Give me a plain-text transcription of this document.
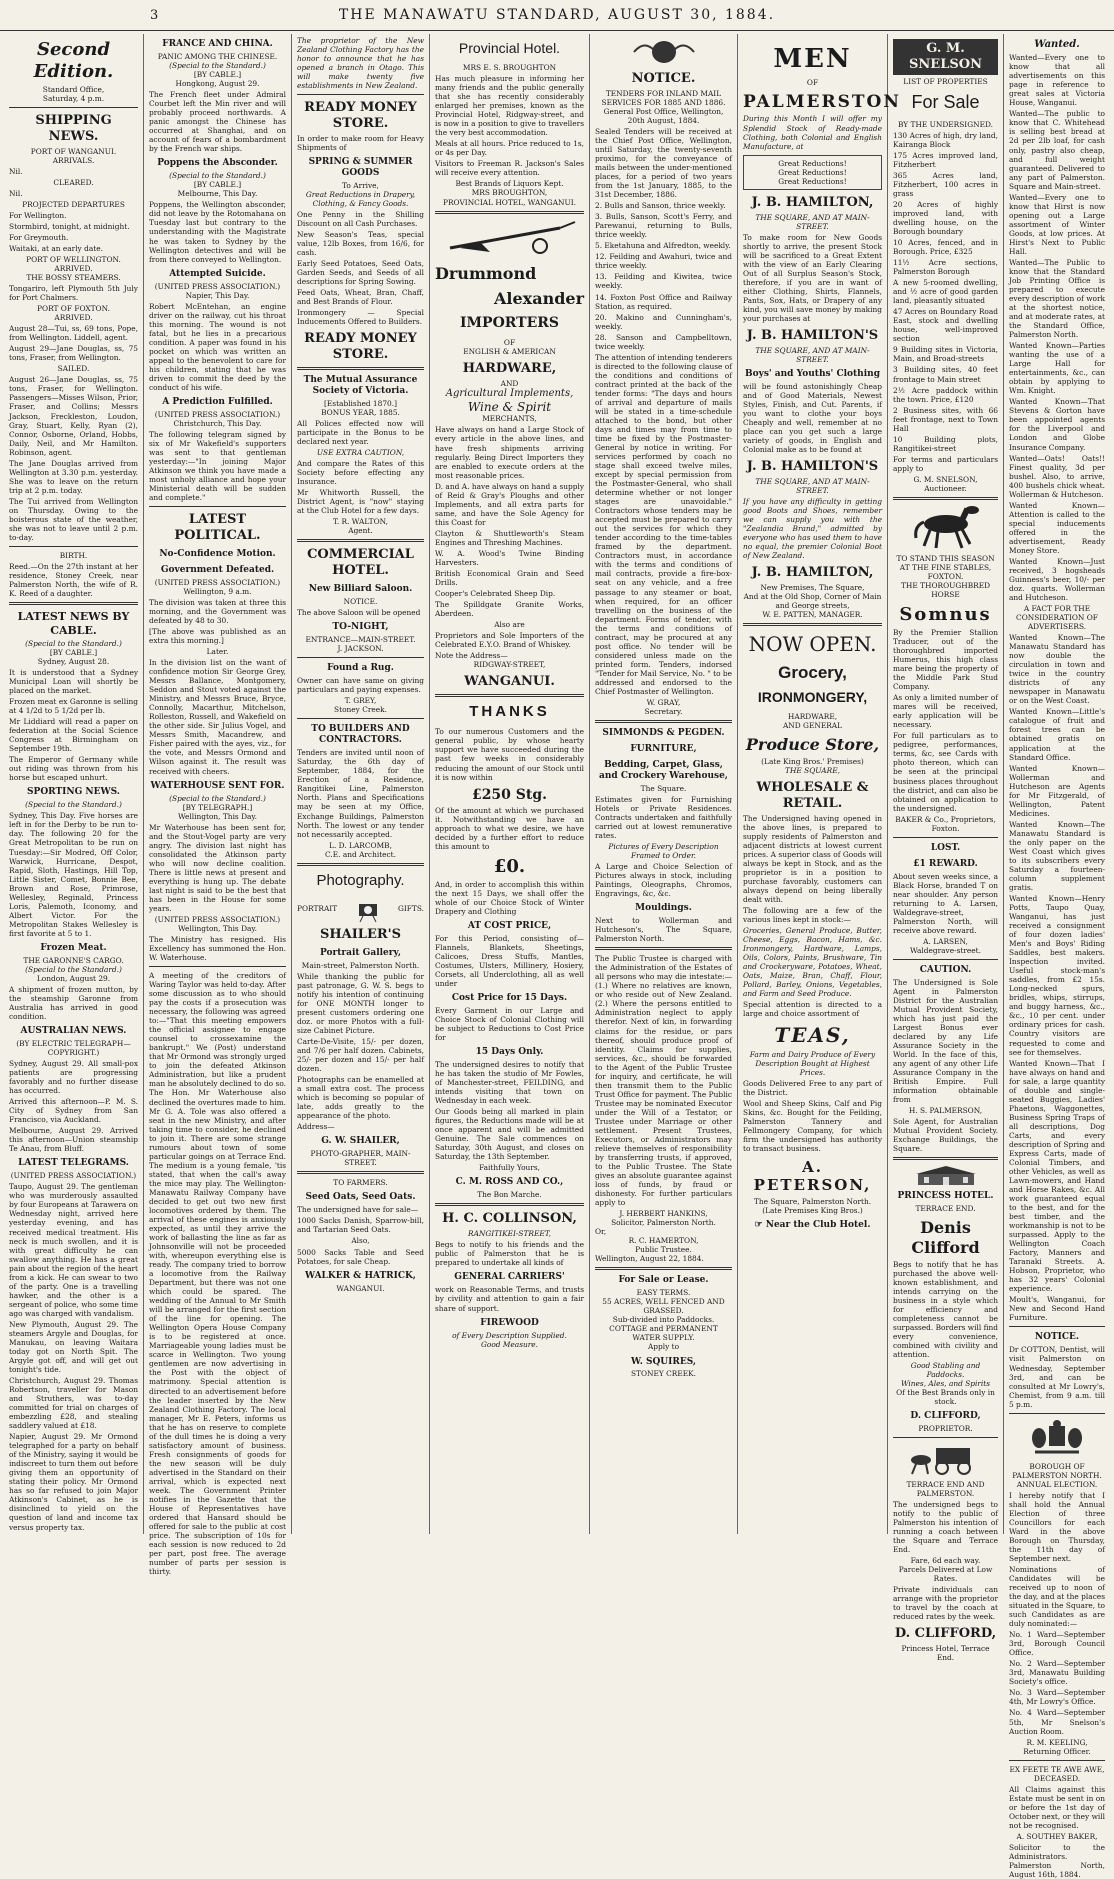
3	THE MANAWATU STANDARD, AUGUST 30, 1884.
Second Edition.
Standard Office,
Saturday, 4 p.m.
SHIPPING NEWS.
PORT OF WANGANUI.
ARRIVALS.

Nil.

CLEARED.

Nil.

PROJECTED DEPARTURES

For Wellington.

Stormbird, tonight, at midnight.

For Greymouth.

Waitaki, at an early date.

PORT OF WELLINGTON.
ARRIVED.
THE BOSSY STEAMERS.

Tongariro, left Plymouth 5th July for Port Chalmers.

PORT OF FOXTON.
ARRIVED.

August 28—Tui, ss, 69 tons, Pope, from Wellington. Liddell, agent.

August 29—Jane Douglas, ss, 75 tons, Fraser, from Wellington.

SAILED.

August 26—Jane Douglas, ss, 75 tons, Fraser, for Wellington. Passengers—Misses Wilson, Prior, Fraser, and Collins; Messrs Jackson, Freckleston, Loudon, Gray, Stuart, Kelly, Ryan (2), Connor, Osborne, Orland, Hobbs, Daily, Neil, and Mr Hamilton. Robinson, agent.

The Jane Douglas arrived from Wellington at 3.30 p.m. yesterday. She was to leave on the return trip at 2 p.m. today.

The Tui arrived from Wellington on Thursday. Owing to the boisterous state of the weather, she was not to leave until 2 p.m. to-day.

BIRTH.

Reed.—On the 27th instant at her residence, Stoney Creek, near Palmerston North, the wife of R. K. Reed of a daughter.

LATEST NEWS BY CABLE.
(Special to the Standard.)
[BY CABLE.]
Sydney, August 28.

It is understood that a Sydney Municipal Loan will shortly be placed on the market.

Frozen meat ex Garonne is selling at 4 1/2d to 5 1/2d per lb.

Mr Liddiard will read a paper on federation at the Social Science Congress at Birmingham on September 19th.

The Emperor of Germany while out riding was thrown from his horse but escaped unhurt.

SPORTING NEWS.
(Special to the Standard.)

Sydney, This Day. Five horses are left in for the Derby to be run to-day. The following 20 for the Great Metropolitan to be run on Tuesday:—Sir Modred, Off Color, Warwick, Hurricane, Despot, Rapid, Sloth, Hastings, Hill Top, Little Sister, Comet, Bonnie Bee, Brown and Rose, Primrose, Wellesley, Reginald, Princess Loris, Palemoth, Iconomy, and Albert Victor. For the Metropolitan Stakes Wellesley is first favorite at 5 to 1.

Frozen Meat.
THE GARONNE'S CARGO.
(Special to the Standard.)
London, August 29.

A shipment of frozen mutton, by the steamship Garonne from Australia has arrived in good condition.

AUSTRALIAN NEWS.
(BY ELECTRIC TELEGRAPH—COPYRIGHT.)

Sydney, August 29. All small-pox patients are progressing favorably and no further disease has occurred.

Arrived this afternoon—P. M. S. City of Sydney from San Francisco, via Auckland.

Melbourne, August 29. Arrived this afternoon—Union steamship Te Anau, from Bluff.

LATEST TELEGRAMS.
(UNITED PRESS ASSOCIATION.)

Taupo, August 29. The gentleman who was murderously assaulted by four Europeans at Tarawera on Wednesday night, arrived here yesterday evening, and has received medical treatment. His neck is much swollen, and it is with great difficulty he can swallow anything. He has a great pain about the region of the heart from a kick. He can swear to two of the party. One is a travelling hawker, and the other is a sergeant of police, who some time ago was charged with vandalism.

New Plymouth, August 29. The steamers Argyle and Douglas, for Manukau, on leaving Waitara today got on North Spit. The Argyle got off, and will get out tonight's tide.

Christchurch, August 29. Thomas Robertson, traveller for Mason and Struthers, was to-day committed for trial on charges of embezzling £28, and stealing saddlery valued at £18.

Napier, August 29. Mr Ormond telegraphed for a party on behalf of the Ministry, saying it would be indiscreet to turn them out before giving them an opportunity of stating their policy. Mr Ormond has so far refused to join Major Atkinson's Cabinet, as he is disinclined to yield on the question of land and income tax versus property tax.

FRANCE AND CHINA.
PANIC AMONG THE CHINESE.
(Special to the Standard.)
[BY CABLE.]
Hongkong, August 29.

The French fleet under Admiral Courbet left the Min river and will probably proceed northwards. A panic amongst the Chinese has occurred at Shanghai, and on account of fears of a bombardment by the French war ships.

Poppens the Absconder.
(Special to the Standard.)
[BY CABLE.]
Melbourne, This Day.

Poppens, the Wellington absconder, did not leave by the Rotomahana on Tuesday last but contrary to the understanding with the Magistrate he was taken to Sydney by the Wellington detectives and will be from there conveyed to Wellington.

Attempted Suicide.
(UNITED PRESS ASSOCIATION.)
Napier, This Day.

Robert McEntehan, an engine driver on the railway, cut his throat this morning. The wound is not fatal, but he lies in a precarious condition. A paper was found in his pocket on which was written an appeal to the benevolent to care for his children, stating that he was driven to commit the deed by the conduct of his wife.

A Prediction Fulfilled.
(UNITED PRESS ASSOCIATION.)
Christchurch, This Day.

The following telegram signed by six of Mr Wakefield's supporters was sent to that gentleman yesterday:—"In joining Major Atkinson we think you have made a most unholy alliance and hope your Ministerial death will be sudden and complete."

LATEST POLITICAL.
No-Confidence Motion.
Government Defeated.
(UNITED PRESS ASSOCIATION.)
Wellington, 9 a.m.

The division was taken at three this morning, and the Government was defeated by 48 to 30.

[The above was published as an extra this morning.]

Later.

In the division list on the want of confidence motion Sir George Grey, Messrs Ballance, Montgomery, Seddon and Stout voted against the Ministry, and Messrs Bruce, Bryce, Connolly, Macarthur, Mitchelson, Rolleston, Russell, and Wakefield on the other side. Sir Julius Vogel, and Messrs Smith, Macandrew, and Fisher paired with the ayes, viz., for the vote, and Messrs Ormond and Wilson against it. The result was received with cheers.

WATERHOUSE SENT FOR.
(Special to the Standard.)
[BY TELEGRAPH.]
Wellington, This Day.

Mr Waterhouse has been sent for, and the Stout-Vogel party are very angry. The division last night has consolidated the Atkinson party who will now decline coalition. There is little news at present and everything is hung up. The debate last night is said to be the best that has been in the House for some years.

(UNITED PRESS ASSOCIATION.)
Wellington, This Day.

The Ministry has resigned. His Excellency has summoned the Hon. W. Waterhouse.

A meeting of the creditors of Waring Taylor was held to-day. After some discussion as to who should pay the costs if a prosecution was necessary, the following was agreed to:—"That this meeting empowers the official assignee to engage counsel to crossexamine the bankrupt." We (Post) understand that Mr Ormond was strongly urged to join the defeated Atkinson Administration, but like a prudent man he absolutely declined to do so. The Hon. Mr Waterhouse also declined the overtures made to him. Mr G. A. Tole was also offered a seat in the new Ministry, and after taking time to consider, he declined to join it. There are some strange rumours about town of some particular goings on at Terrace End. The medium is a young female, 'tis stated, that when the call's away the mice may play. The Wellington-Manawatu Railway Company have decided to get out two new first locomotives ordered by them. The arrival of these engines is anxiously expected, as until they arrive the work of ballasting the line as far as Johnsonville will not be proceeded with, whereupon everything else is ready. The company tried to borrow a locomotive from the Railway Department, but there was not one which could be spared. The wedding of the Annual to Mr Smith will be arranged for the first section of the line for opening. The Wellington Opera House Company is to be registered at once. Marriageable young ladies must be scarce in Wellington. Two young gentlemen are now advertising in the Post with the object of matrimony. Special attention is directed to an advertisement before the leader inserted by the New Zealand Clothing Factory. The local manager, Mr E. Peters, informs us that he has on reserve to complete of the dull times he is doing a very satisfactory amount of business. Fresh consignments of goods for the new season will be duly advertised in the Standard on their arrival, which is expected next week. The Government Printer notifies in the Gazette that the House of Representatives have ordered that Hansard should be offered for sale to the public at cost price. The subscription of 10s for each session is now reduced to 2d per part, post free. The average number of parts per session is thirty.

The proprietor of the New Zealand Clothing Factory has the honor to announce that he has opened a branch in Otago. This will make twenty five establishments in New Zealand.

READY MONEY STORE.

In order to make room for Heavy Shipments of

SPRING & SUMMER GOODS
To Arrive,
Great Reductions in Drapery, Clothing, & Fancy Goods.

One Penny in the Shilling Discount on all Cash Purchases.

New Season's Teas, special value, 12lb Boxes, from 16/6, for cash.

Early Seed Potatoes, Seed Oats, Garden Seeds, and Seeds of all descriptions for Spring Sowing.

Feed Oats, Wheat, Bran, Chaff, and Best Brands of Flour.

Ironmongery — Special Inducements Offered to Builders.

READY MONEY STORE.
The Mutual Assurance Society of Victoria.
[Established 1870.]
BONUS YEAR, 1885.

All Polices effected now will participate in the Bonus to be declared next year.

USE EXTRA CAUTION,

And compare the Rates of this Society before effecting any Insurance.

Mr Whitworth Russell, the District Agent, is "now" staying at the Club Hotel for a few days.

T. R. WALTON,
Agent.
COMMERCIAL HOTEL.
New Billiard Saloon.
NOTICE.

The above Saloon will be opened

TO-NIGHT,
ENTRANCE—MAIN-STREET.
J. JACKSON.
Found a Rug.

Owner can have same on giving particulars and paying expenses.

T. GREY,
Stoney Creek.
TO BUILDERS AND CONTRACTORS.

Tenders are invited until noon of Saturday, the 6th day of September, 1884, for the Erection of a Residence, Rangitikei Line, Palmerston North. Plans and Specifications may be seen at my Office, Exchange Buildings, Palmerston North. The lowest or any tender not necessarily accepted.

L. D. LARCOMB,
C.E. and Architect.
Photography.
PORTRAIT	GIFTS.
SHAILER'S
Portrait Gallery,
Main-street, Palmerston North.

While thanking the public for past patronage, G. W. S. begs to notify his intention of continuing for ONE MONTH longer to present customers ordering one doz. or more Photos with a full-size Cabinet Picture.

Carte-De-Visite, 15/- per dozen, and 7/6 per half dozen. Cabinets, 25/- per dozen and 15/- per half dozen.

Photographs can be enamelled at a small extra cost. The process which is becoming so popular of late, adds greatly to the appearance of the photo.

Address—
G. W. SHAILER,
PHOTO-GRAPHER, MAIN-STREET.
TO FARMERS.
Seed Oats, Seed Oats.

The undersigned have for sale—

1000 Sacks Danish, Sparrow-bill, and Tartarian Seed Oats.

Also,

5000 Sacks Table and Seed Potatoes, for sale Cheap.

WALKER & HATRICK,
WANGANUI.
Provincial Hotel.
MRS E. S. BROUGHTON

Has much pleasure in informing her many friends and the public generally that she has recently considerably enlarged her premises, known as the Provincial Hotel, Ridgway-street, and is now in a position to give to travellers the very best accommodation.

Meals at all hours. Price reduced to 1s, or 4s per Day.

Visitors to Freeman R. Jackson's Sales will receive every attention.

Best Brands of Liquors Kept.
MRS BROUGHTON,
PROVINCIAL HOTEL, WANGANUI.
Drummond
Alexander
IMPORTERS
OF
ENGLISH & AMERICAN
HARDWARE,
AND
Agricultural Implements,
Wine & Spirit
MERCHANTS,

Have always on hand a Large Stock of every article in the above lines, and have fresh shipments arriving regularly. Being Direct Importers they are enabled to execute orders at the most reasonable prices.

D. and A. have always on hand a supply of Reid & Gray's Ploughs and other Implements, and all extra parts for same, and have the Sole Agency for this Coast for

Clayton & Shuttleworth's Steam Engines and Threshing Machines.

W. A. Wood's Twine Binding Harvesters.

British Economical Grain and Seed Drills.

Cooper's Celebrated Sheep Dip.

The Spilldgate Granite Works, Aberdeen.

Also are

Proprietors and Sole Importers of the Celebrated E.Y.O. Brand of Whiskey.

Note the Address—
RIDGWAY-STREET,
WANGANUI.
THANKS

To our numerous Customers and the general public, by whose hearty support we have succeeded during the past few weeks in considerably reducing the amount of our Stock until it is now within

£250 Stg.

Of the amount at which we purchased it. Notwithstanding we have an approach to what we desire, we have decided by a further effort to reduce this amount to

£0.

And, in order to accomplish this within the next 15 Days, we shall offer the whole of our Choice Stock of Winter Drapery and Clothing

AT COST PRICE,

For this Period, consisting of—Flannels, Blankets, Sheetings, Calicoes, Dress Stuffs, Mantles, Costumes, Ulsters, Millinery, Hosiery, Corsets, all Underclothing, all as well under

Cost Price for 15 Days.

Every Garment in our Large and Choice Stock of Colonial Clothing will be subject to Reductions to Cost Price for

15 Days Only.

The undersigned desires to notify that he has taken the studio of Mr Fowles, of Manchester-street, FEILDING, and intends visiting that town on Wednesday in each week.

Our Goods being all marked in plain figures, the Reductions made will be at once apparent and will be admitted Genuine. The Sale commences on Saturday, 30th August, and closes on Saturday, the 13th September.

Faithfully Yours,
C. M. ROSS AND CO.,
The Bon Marche.
H. C. COLLINSON,
RANGITIKEI-STREET,

Begs to notify to his friends and the public of Palmerston that he is prepared to undertake all kinds of

GENERAL CARRIERS'

work on Reasonable Terms, and trusts by civility and attention to gain a fair share of support.

FIREWOOD
of Every Description Supplied.
Good Measure.
NOTICE.
TENDERS FOR INLAND MAIL SERVICES FOR 1885 AND 1886.
General Post Office, Wellington, 20th August, 1884.

Sealed Tenders will be received at the Chief Post Office, Wellington, until Saturday, the twenty-seventh proximo, for the conveyance of mails between the under-mentioned places, for a period of two years from the 1st January, 1885, to the 31st December, 1886.

2. Bulls and Sanson, thrice weekly.

3. Bulls, Sanson, Scott's Ferry, and Parewanui, returning to Bulls, thrice weekly.

5. Eketahuna and Alfredton, weekly.

12. Feilding and Awahuri, twice and thrice weekly.

13. Feilding and Kiwitea, twice weekly.

14. Foxton Post Office and Railway Station, as required.

20. Makino and Cunningham's, weekly.

28. Sanson and Campbelltown, twice weekly.

The attention of intending tenderers is directed to the following clause of the conditions and conditions of contract printed at the back of the tender forms: "The days and hours of arrival and departure of mails will be stated in a time-schedule attached to the bond, but other days and times may from time to time be fixed by the Postmaster-General by notice in writing. For services performed by coach no stage shall exceed twelve miles, except by special permission from the Postmaster-General, who shall determine whether or not longer stages are unavoidable." Contractors whose tenders may be accepted must be prepared to carry out the services for which they tender according to the time-tables framed by the department. Contractors must, in accordance with the terms and conditions of mail contracts, provide a fire-box-seat on any vehicle, and a free passage to any steamer or boat, when required, for an officer travelling on the business of the department. Forms of tender, with the terms and conditions of contract, may be procured at any post office. No tender will be considered unless made on the printed form. Tenders, indorsed "Tender for Mail Service, No. " to be addressed and endorsed to the Chief Postmaster of Wellington.

W. GRAY,
Secretary.
SIMMONDS & PEGDEN.
FURNITURE,
Bedding, Carpet, Glass, and Crockery Warehouse,
The Square.

Estimates given for Furnishing Hotels or Private Residences. Contracts undertaken and faithfully carried out at lowest remunerative rates.

Pictures of Every Description Framed to Order.

A Large and Choice Selection of Pictures always in stock, including Paintings, Oleographs, Chromos, Engravings, &c, &c.

Mouldings.

Next to Wollerman and Hutcheson's, The Square, Palmerston North.

The Public Trustee is charged with the Administration of the Estates of all persons who may die intestate:—(1.) Where no relatives are known, or who reside out of New Zealand. (2.) Where the persons entitled to Administration neglect to apply therefor. Next of kin, in forwarding claims for the residue, or pars thereof, should produce proof of identity. Claims for supplies, services, &c., should be forwarded to the Agent of the Public Trustee for inquiry, and certificate, he will then transmit them to the Public Trust Office for payment. The Public Trustee may be nominated Executor under the Will of a Testator, or Trustee under Marriage or other settlement. Present Trustees, Executors, or Administrators may relieve themselves of responsibility by transferring trusts, if approved, to the Public Trustee. The State gives an absolute guarantee against loss of funds, by fraud or dishonesty. For further particulars apply to

J. HERBERT HANKINS,
Solicitor, Palmerston North.
Or,
R. C. HAMERTON,
Public Trustee.
Wellington, August 22, 1884.
For Sale or Lease.
EASY TERMS.
55 ACRES, WELL FENCED AND GRASSED.
Sub-divided into Paddocks.
COTTAGE and PERMANENT WATER SUPPLY.
Apply to
W. SQUIRES,
STONEY CREEK.
MEN
OF
PALMERSTON

During this Month I will offer my Splendid Stock of Ready-made Clothing, both Colonial and English Manufacture, at

Great Reductions!
Great Reductions!
Great Reductions!
J. B. HAMILTON,
THE SQUARE, AND AT MAIN-STREET.

To make room for New Goods shortly to arrive, the present Stock will be sacrificed to a Great Extent with the view of an Early Clearing Out of all Surplus Season's Stock, therefore, if you are in want of either Clothing, Shirts, Flannels, Pants, Sox, Hats, or Drapery of any kind, you will save money by making your purchases at

J. B. HAMILTON'S
THE SQUARE, AND AT MAIN-STREET.
Boys' and Youths' Clothing

will be found astonishingly Cheap and of Good Materials, Newest Styles, Finish, and Cut. Parents, if you want to clothe your boys Cheaply and well, remember at no place can you get such a large variety of goods, in English and Colonial make as to be found at

J. B. HAMILTON'S
THE SQUARE, AND AT MAIN-STREET.

If you have any difficulty in getting good Boots and Shoes, remember we can supply you with the "Zealandia Brand," admitted by everyone who has used them to have no equal, the premier Colonial Boot of New Zealand.

J. B. HAMILTON,
New Premises, The Square,
And at the Old Shop, Corner of Main and George streets,
W. E. PATTEN, MANAGER.
NOW OPEN.
Grocery,
IRONMONGERY,
HARDWARE,
AND GENERAL
Produce Store,
(Late King Bros.' Premises)
THE SQUARE,
WHOLESALE & RETAIL.

The Undersigned having opened in the above lines, is prepared to supply residents of Palmerston and adjacent districts at lowest current prices. A superior class of Goods will always be kept in Stock, and as the proprietor is in a position to purchase favorably, customers can always depend on being liberally dealt with.

The following are a few of the various lines kept in stock:—

Groceries, General Produce, Butter, Cheese, Eggs, Bacon, Hams, &c. Ironmongery, Hardware, Lamps, Oils, Colors, Paints, Brushware, Tin and Crockeryware, Potatoes, Wheat, Oats, Maize, Bran, Chaff, Flour, Pollard, Barley, Onions, Vegetables, and Farm and Seed Produce.

Special attention is directed to a large and choice assortment of

TEAS,

Farm and Dairy Produce of Every Description Bought at Highest Prices.

Goods Delivered Free to any part of the District.

Wool and Sheep Skins, Calf and Pig Skins, &c. Bought for the Feilding, Palmerston Tannery and Fellmongery Company, for which firm the undersigned has authority to transact business.

A. PETERSON,
The Square, Palmerston North.
(Late Premises King Bros.)
☞ Near the Club Hotel.
G. M. SNELSON
LIST OF PROPERTIES
For Sale
BY THE UNDERSIGNED.

130 Acres of high, dry land, Kairanga Block

175 Acres improved land, Fitzherbert

365 Acres land, Fitzherbert, 100 acres in grass

20 Acres of highly improved land, with dwelling house, on the Borough boundary

10 Acres, fenced, and in Borough. Price, £325

11½ Acre sections, Palmerston Borough

A new 5-roomed dwelling, and ½ acre of good garden land, pleasantly situated

47 Acres on Boundary Road East, stock and dwelling house, well-improved section

9 Building sites in Victoria, Main, and Broad-streets

3 Building sites, 40 feet frontage to Main street

2½ Acre paddock within the town. Price, £120

2 Business sites, with 66 feet frontage, next to Town Hall

10 Building plots, Rangitikei-street

For terms and particulars apply to

G. M. SNELSON,
Auctioneer.
TO STAND THIS SEASON AT THE FINE STABLES, FOXTON.
THE THOROUGHBRED HORSE
Somnus

By the Premier Stallion Traducer, out of the thoroughbred imported Humerus, this high class mare being the property of the Middle Park Stud Company.

As only a limited number of mares will be received, early application will be necessary.

For full particulars as to pedigree, performances, terms, &c, see Cards with photo thereon, which can be seen at the principal business places throughout the district, and can also be obtained on application to the undersigned.

BAKER & Co., Proprietors,
Foxton.
LOST.
£1 REWARD.

About seven weeks since, a Black Horse, branded T on near shoulder. Any person returning to A. Larsen, Waldegrave-street, Palmerston North, will receive above reward.

A. LARSEN,
Waldegrave-street.
CAUTION.

The Undersigned is Sole Agent in Palmerston District for the Australian Mutual Provident Society, which has just paid the Largest Bonus ever declared by any Life Assurance Society in the World. In the face of this, any agent of any other Life Assurance Company in the British Empire. Full information obtainable from

H. S. PALMERSON,

Sole Agent, for Australian Mutual Provident Society. Exchange Buildings, the Square.

PRINCESS HOTEL.
TERRACE END.
Denis Clifford

Begs to notify that he has purchased the above well-known establishment, and intends carrying on the business in a style which for efficiency and completeness cannot be surpassed. Borders will find every convenience, combined with civility and attention.

Good Stabling and Paddocks.
Wines, Ales, and Spirits
Of the Best Brands only in stock.
D. CLIFFORD,
PROPRIETOR.
TERRACE END AND PALMERSTON.

The undersigned begs to notify to the public of Palmerston his intention of running a coach between the Square and Terrace End.

Fare, 6d each way.
Parcels Delivered at Low Rates.

Private individuals can arrange with the proprietor to travel by the coach at reduced rates by the week.

D. CLIFFORD,
Princess Hotel, Terrace End.
Wanted.

Wanted—Every one to know that all advertisements on this page in reference to great sales at Victoria House, Wanganui.

Wanted—The public to know that C. Whitehead is selling best bread at 2d per 2lb loaf, for cash only, pastry also cheap, and full weight guaranteed. Delivered to any part of Palmerston. Square and Main-street.

Wanted—Every one to know that Hirst is now opening out a Large assortment of Winter Goods, at low prices. At Hirst's Next to Public Hall.

Wanted—The Public to know that the Standard Job Printing Office is prepared to execute every description of work at the shortest notice, and at moderate rates, at the Standard Office, Palmerston North.

Wanted Known—Parties wanting the use of a Large Hall for entertainments, &c., can obtain by applying to Wm. Knight.

Wanted Known—That Stevens & Gorton have been appointed agents for the Liverpool and London and Globe Insurance Company.

Wanted—Oats! Oats!! Finest quality, 3d per bushel. Also, to arrive, 400 bushels chick wheat. Wollerman & Hutcheson.

Wanted Known—Attention is called to the special inducements offered in the advertisement, Ready Money Store.

Wanted Known—Just received, 3 hogsheads Guinness's beer, 10/- per doz. quarts. Wollerman and Hutcheson.

A FACT FOR THE CONSIDERATION OF ADVERTISERS.

Wanted Known—The Manawatu Standard has now double the circulation in town and twice in the country districts of any newspaper in Manawatu or on the West Coast.

Wanted Known—Little's catalogue of fruit and forest trees can be obtained gratis on application at the Standard Office.

Wanted Known—Wollerman and Hutcheson are Agents for Mr Fitzgerald, of Wellington, Patent Medicines.

Wanted Known—The Manawatu Standard is the only paper on the West Coast which gives to its subscribers every Saturday a fourteen-column supplement gratis.

Wanted Known—Henry Potts, Taupo Quay, Wanganui, has just received a consignment of four dozen ladies' Men's and Boys' Riding Saddles, best makers. Inspection invited. Useful stock-man's saddles, from £2 15s. Long-necked spurs, bridles, whips, stirrups, and buggy harness, &c., &c., 10 per cent. under ordinary prices for cash. Country visitors are requested to come and see for themselves.

Wanted Known—That I have always on hand and for sale, a large quantity of double and single-seated Buggies, Ladies' Phaetons, Waggonettes, Business Spring Traps of all descriptions, Dog Carts, and every description of Spring and Express Carts, made of Colonial Timbers, and other Vehicles, as well as Lawn-mowers, and Hand and Horse Rakes, &c. All work guaranteed equal to the best, and for the best timber, and the workmanship is not to be surpassed. Apply to the Wellington Coach Factory, Manners and Taranaki Streets. A. Hobson, Proprietor, who has 32 years' Colonial experience.

Moult's, Wanganui, for New and Second Hand Furniture.

NOTICE.

Dr COTTON, Dentist, will visit Palmerston on Wednesday, September 3rd, and can be consulted at Mr Lowry's, Chemist, from 9 a.m. till 5 p.m.

BOROUGH OF PALMERSTON NORTH.
ANNUAL ELECTION.

I hereby notify that I shall hold the Annual Election of three Councillors for each Ward in the above Borough on Thursday, the 11th day of September next.

Nominations of Candidates will be received up to noon of the day, and at the places situated in the Square, to such Candidates as are duly nominated:—

No. 1 Ward—September 3rd, Borough Council Office.

No. 2 Ward—September 3rd, Manawatu Building Society's office.

No. 3 Ward—September 4th, Mr Lowry's Office.

No. 4 Ward—September 5th, Mr Snelson's Auction Room.

R. M. KEELING,
Returning Officer.
EX FEETE TE AWE AWE, DECEASED.

All Claims against this Estate must be sent in on or before the 1st day of October next, or they will not be recognised.

A. SOUTHEY BAKER,

Solicitor to the Administrators. Palmerston North, August 16th, 1884.
